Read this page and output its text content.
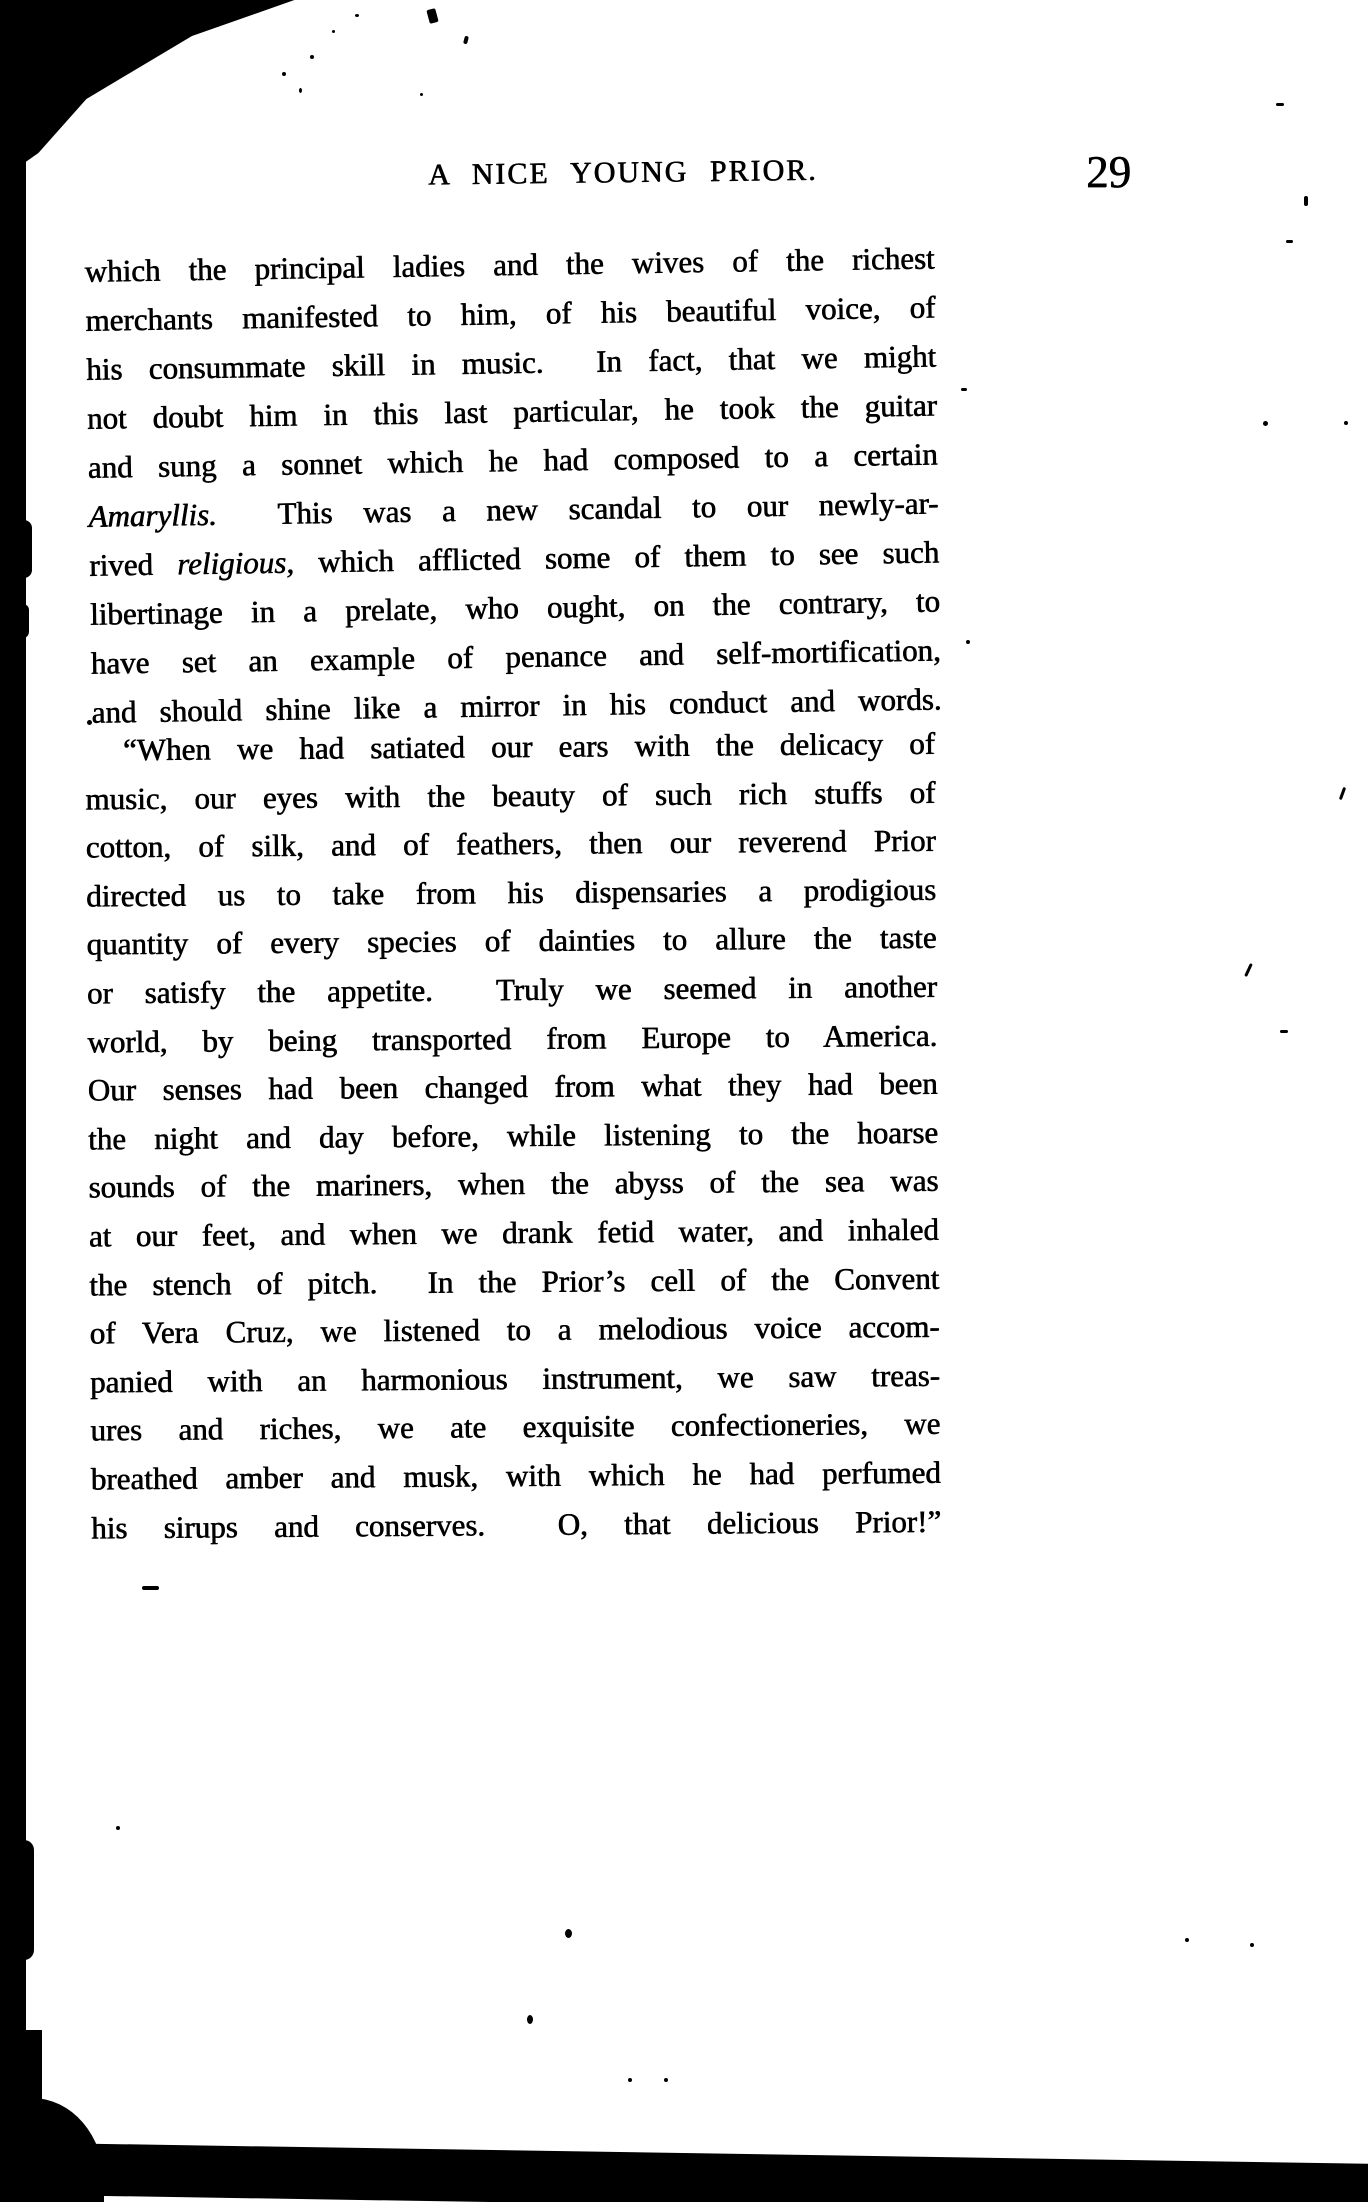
A NICE YOUNG PRIOR.	29
which the principal ladies and the wives of the richest
merchants manifested to him, of his beautiful voice, of
his consummate skill in music.  In fact, that we might
not doubt him in this last particular, he took the guitar
and sung a sonnet which he had composed to a certain
Amaryllis.  This was a new scandal to our newly-ar-
rived religious, which afflicted some of them to see such
libertinage in a prelate, who ought, on the contrary, to
have set an example of penance and self-mortification,
and should shine like a mirror in his conduct and words.
“When we had satiated our ears with the delicacy of
music, our eyes with the beauty of such rich stuffs of
cotton, of silk, and of feathers, then our reverend Prior
directed us to take from his dispensaries a prodigious
quantity of every species of dainties to allure the taste
or satisfy the appetite.  Truly we seemed in another
world, by being transported from Europe to America.
Our senses had been changed from what they had been
the night and day before, while listening to the hoarse
sounds of the mariners, when the abyss of the sea was
at our feet, and when we drank fetid water, and inhaled
the stench of pitch.  In the Prior’s cell of the Convent
of Vera Cruz, we listened to a melodious voice accom-
panied with an harmonious instrument, we saw treas-
ures and riches, we ate exquisite confectioneries, we
breathed amber and musk, with which he had perfumed
his sirups and conserves.  O, that delicious Prior!”
